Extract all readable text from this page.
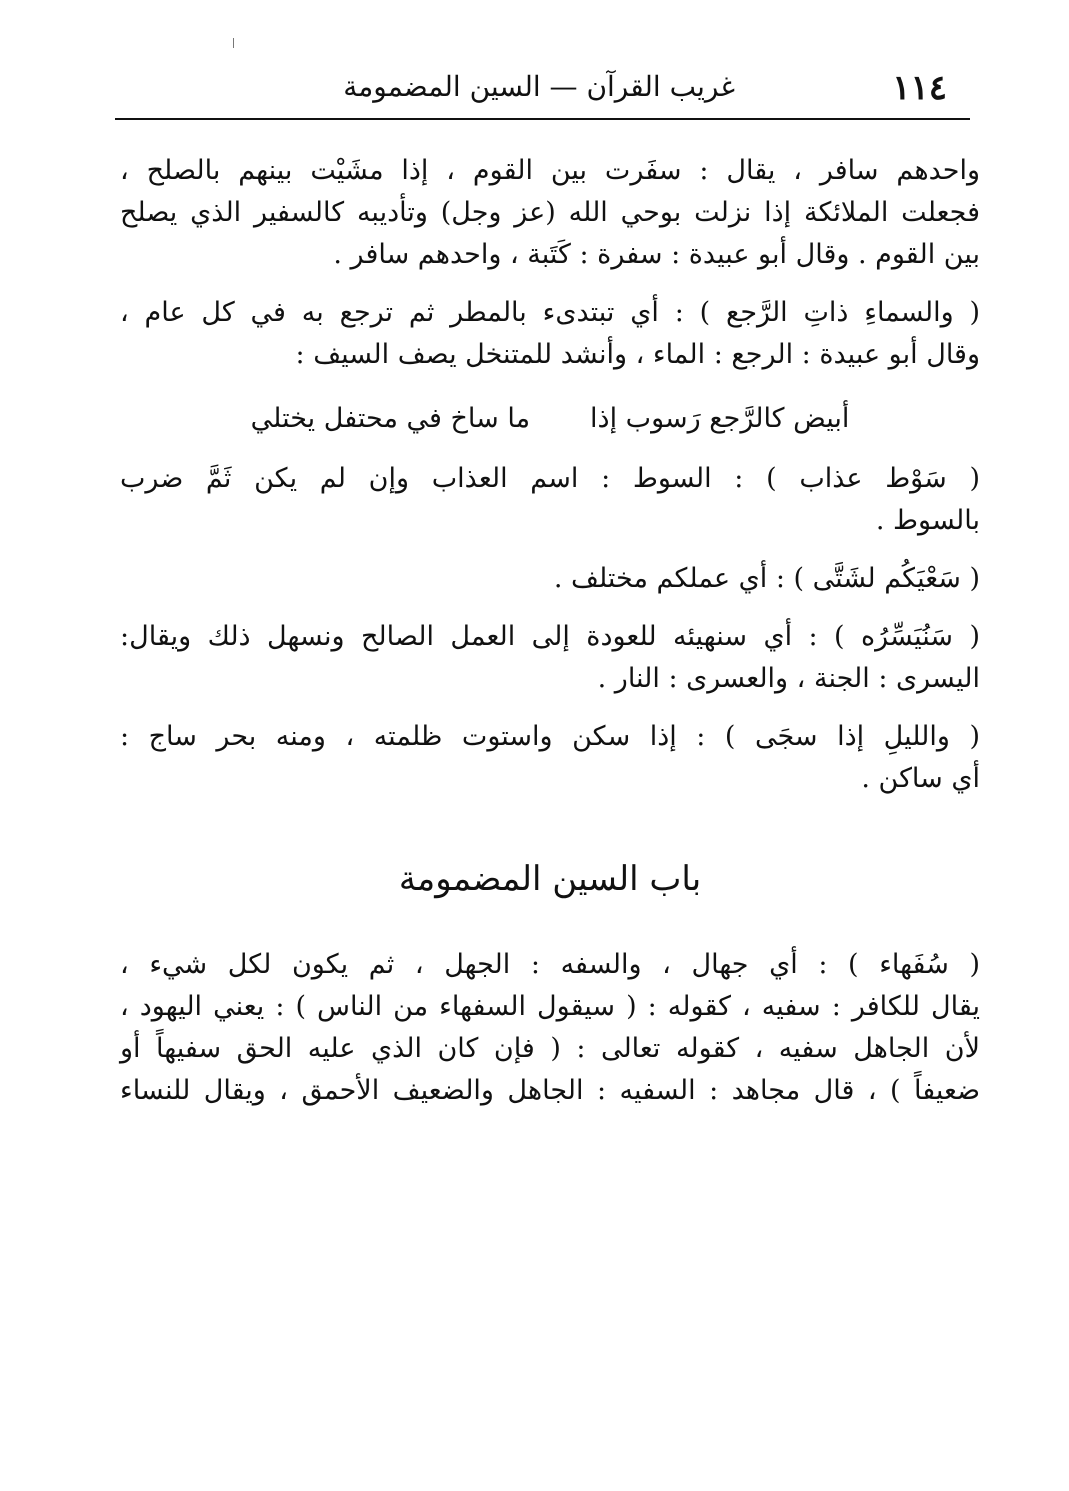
١١٤
غريب القرآن — السين المضمومة
واحدهم سافر ، يقال : سفَرت بين القوم ، إذا مشَيْت بينهم بالصلح ،
فجعلت الملائكة إذا نزلت بوحي الله (عز وجل) وتأديبه كالسفير الذي يصلح
بين القوم . وقال أبو عبيدة : سفرة : كَتَبة ، واحدهم سافر .
( والسماءِ ذاتِ الرَّجع ) : أي تبتدىء بالمطر ثم ترجع به في كل عام ،
وقال أبو عبيدة : الرجع : الماء ، وأنشد للمتنخل يصف السيف :
أبيض كالرَّجع رَسوب إذا
ما ساخ في محتفل يختلي
( سَوْط عذاب ) : السوط : اسم العذاب وإن لم يكن ثَمَّ ضرب
بالسوط .
( سَعْيَكُم لشَتَّى ) : أي عملكم مختلف .
( سَنُيَسِّرُه ) : أي سنهيئه للعودة إلى العمل الصالح ونسهل ذلك ويقال:
اليسرى : الجنة ، والعسرى : النار .
( والليلِ إذا سجَى ) : إذا سكن واستوت ظلمته ، ومنه بحر ساج :
أي ساكن .
باب السين المضمومة
( سُفَهاء ) : أي جهال ، والسفه : الجهل ، ثم يكون لكل شيء ،
يقال للكافر : سفيه ، كقوله : ( سيقول السفهاء من الناس ) : يعني اليهود ،
لأن الجاهل سفيه ، كقوله تعالى : ( فإن كان الذي عليه الحق سفيهاً أو
ضعيفاً ) ، قال مجاهد : السفيه : الجاهل والضعيف الأحمق ، ويقال للنساء
